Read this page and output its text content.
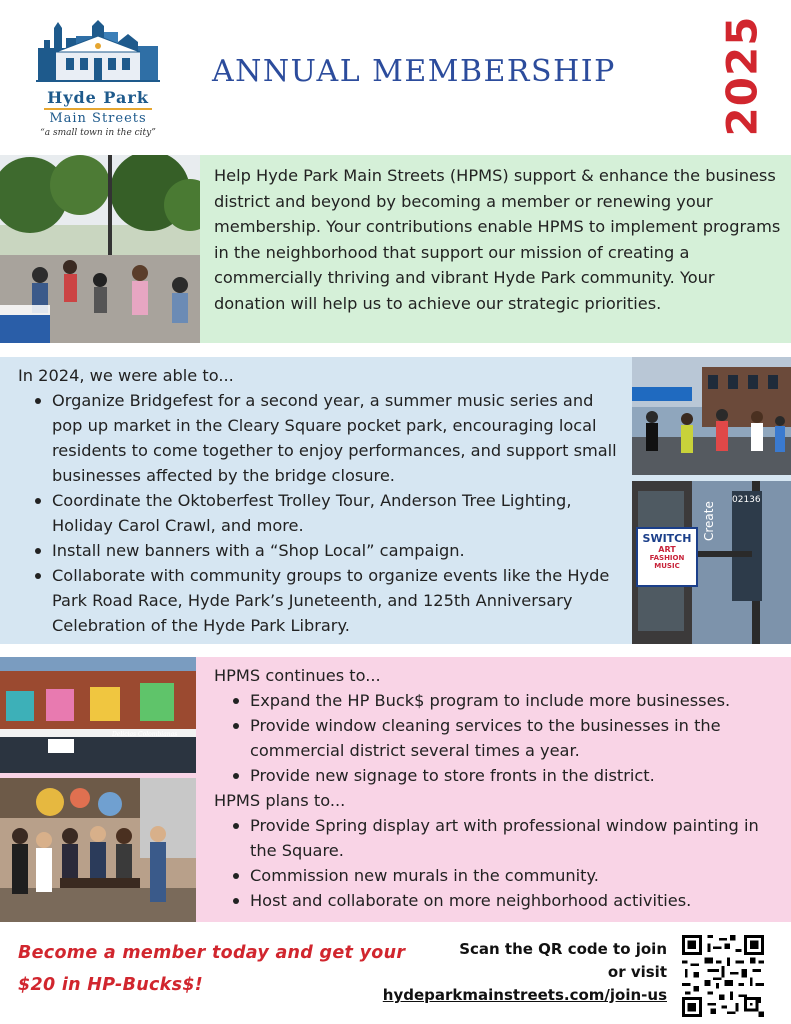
Hyde Park
Main Streets
“a small town in the city”
ANNUAL MEMBERSHIP 2025
Help Hyde Park Main Streets (HPMS) support & enhance the business district and beyond by becoming a member or renewing your membership. Your contributions enable HPMS to implement programs in the neighborhood that support our mission of creating a commercially thriving and vibrant Hyde Park community. Your donation will help us to achieve our strategic priorities.
In 2024, we were able to...
Organize Bridgefest for a second year, a summer music series and pop up market in the Cleary Square pocket park, encouraging local residents to come together to enjoy performances, and support small businesses affected by the bridge closure.
Coordinate the Oktoberfest Trolley Tour, Anderson Tree Lighting, Holiday Carol Crawl, and more.
Install new banners with a “Shop Local” campaign.
Collaborate with community groups to organize events like the Hyde Park Road Race, Hyde Park’s Juneteenth, and 125th Anniversary Celebration of the Hyde Park Library.
SWITCH
ART
FASHION
MUSIC
Create
02136
Delicias Colombianas
HPMS continues to...
Expand the HP Buck$ program to include more businesses.
Provide window cleaning services to the businesses in the commercial district several times a year.
Provide new signage to store fronts in the district.
HPMS plans to...
Provide Spring display art with professional window painting in the Square.
Commission new murals in the community.
Host and collaborate on more neighborhood activities.
Become a member today and get your
$20 in HP-Bucks$!
Scan the QR code to join
or visit
hydeparkmainstreets.com/join-us
